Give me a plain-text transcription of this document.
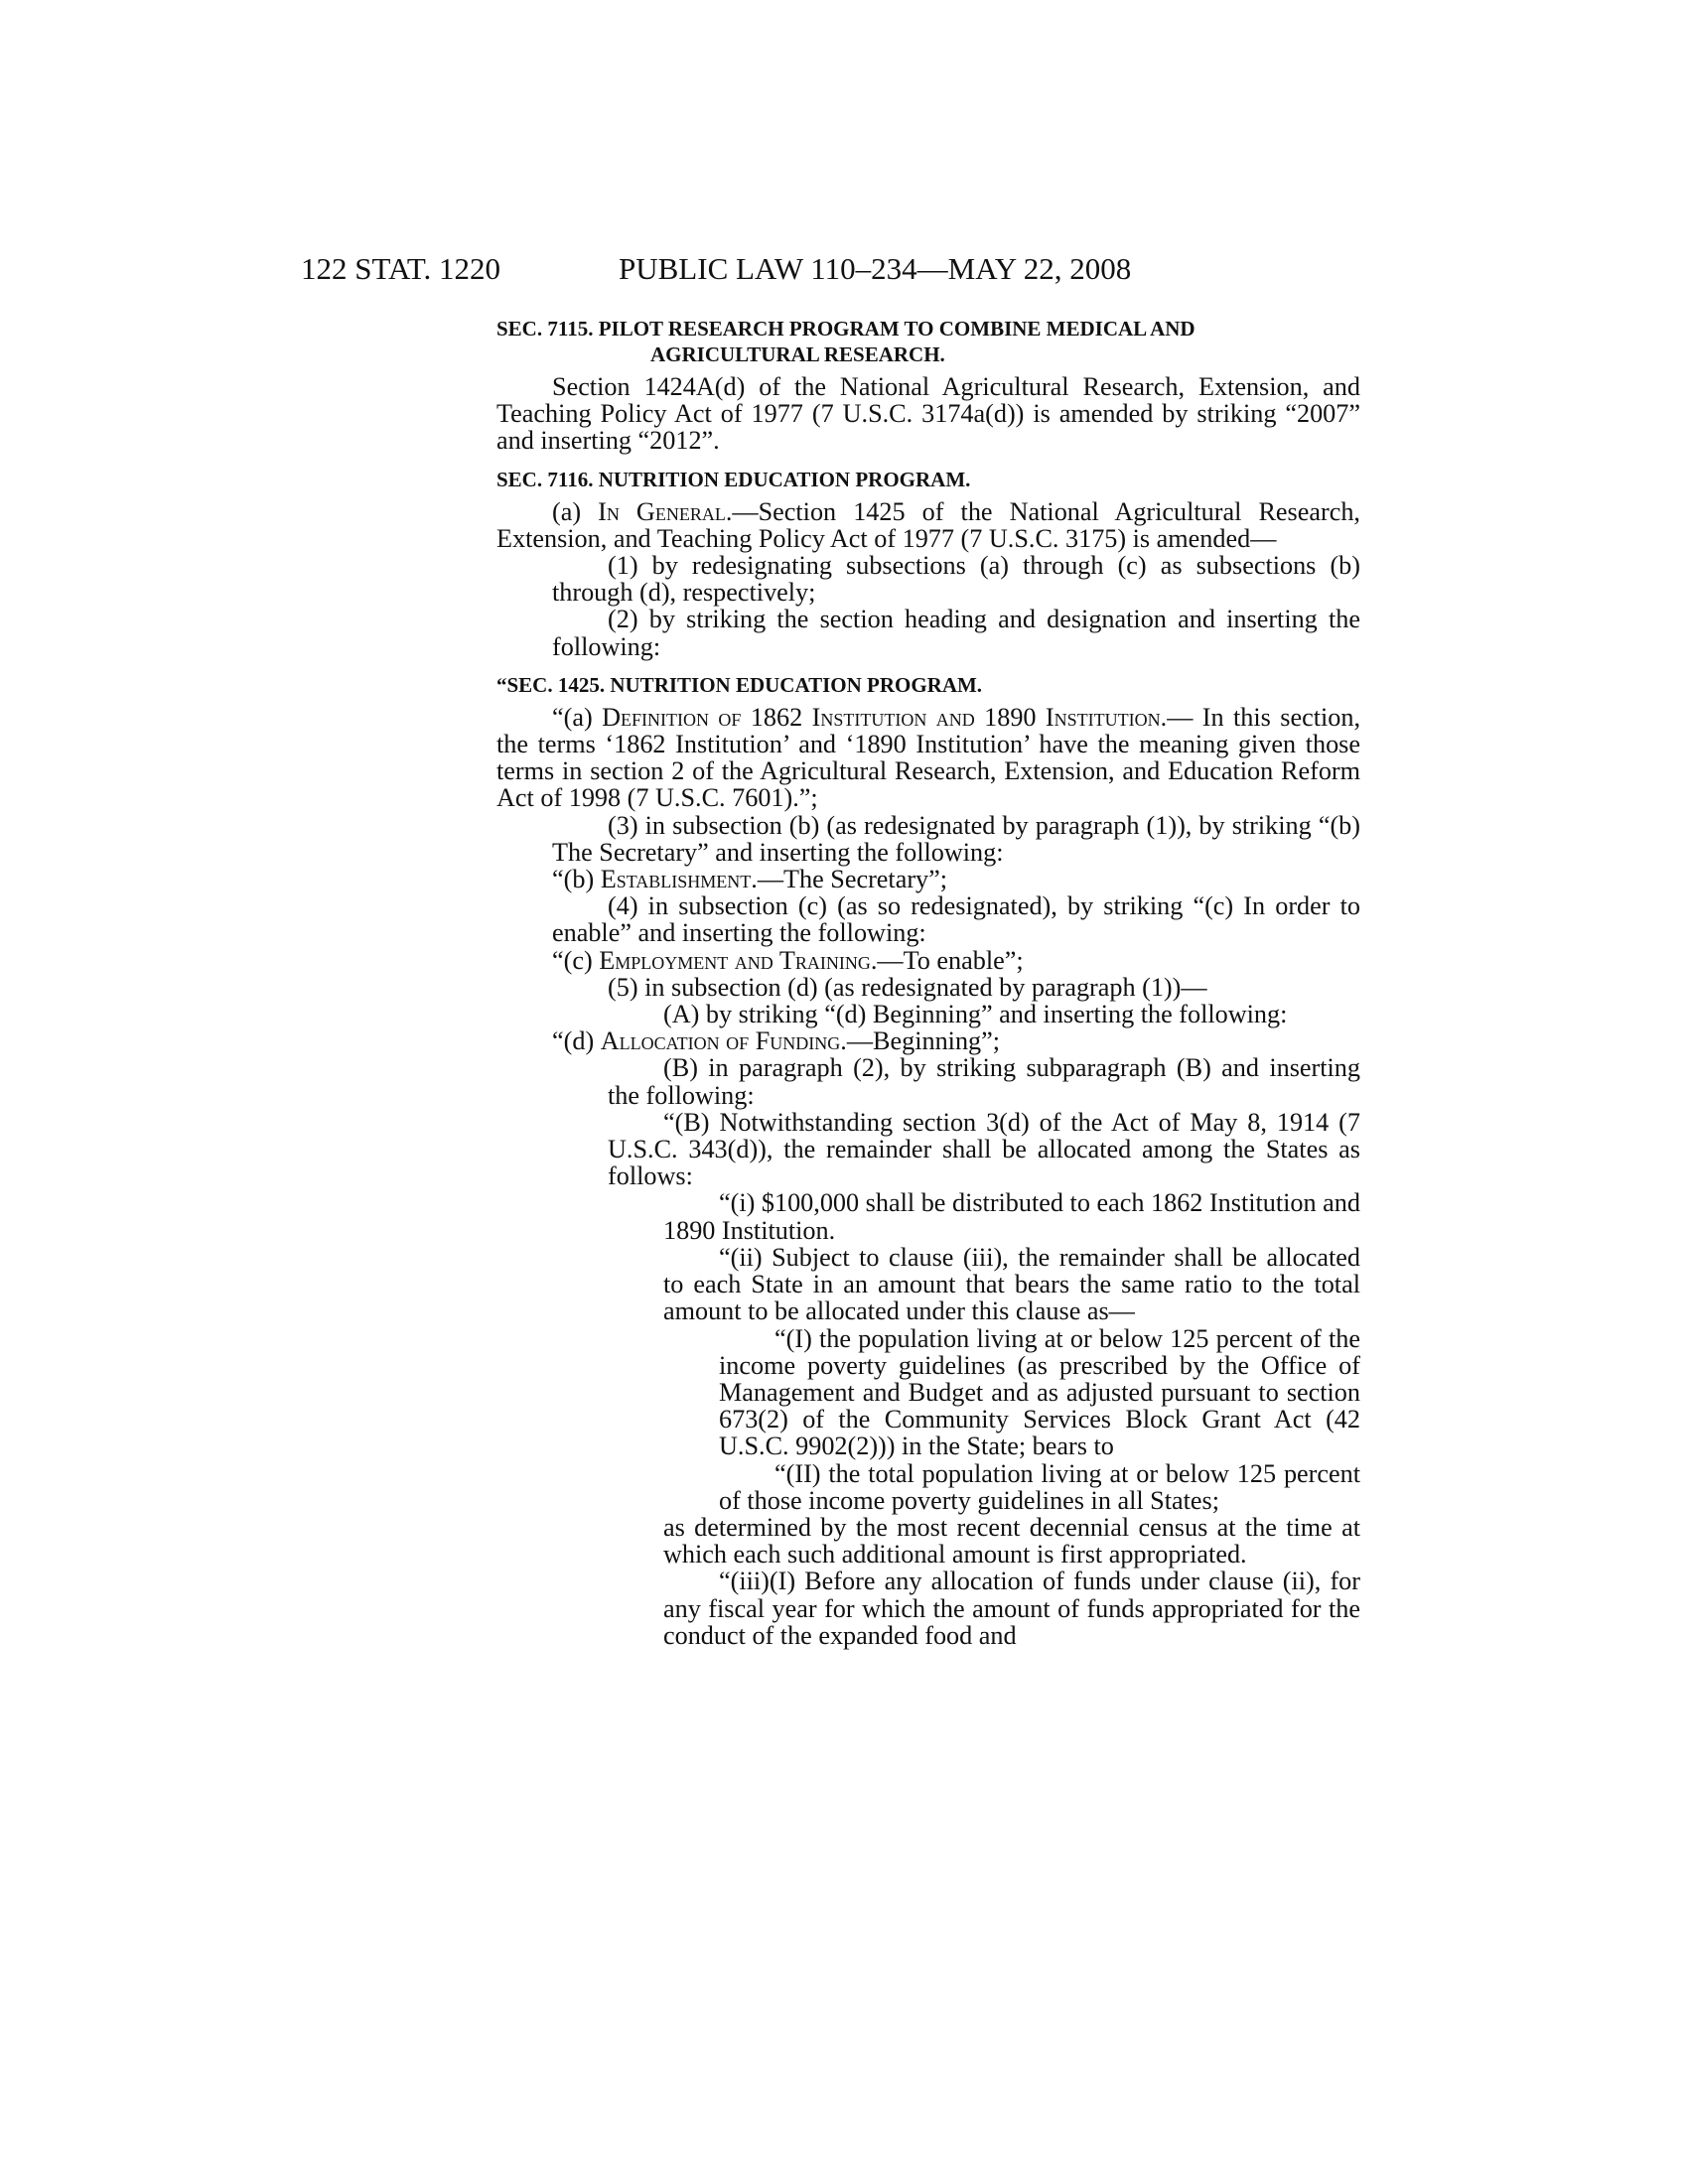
122 STAT. 1220	PUBLIC LAW 110–234—MAY 22, 2008

SEC. 7115. PILOT RESEARCH PROGRAM TO COMBINE MEDICAL AND AGRICULTURAL RESEARCH.

Section 1424A(d) of the National Agricultural Research, Extension, and Teaching Policy Act of 1977 (7 U.S.C. 3174a(d)) is amended by striking “2007” and inserting “2012”.

SEC. 7116. NUTRITION EDUCATION PROGRAM.

(a) In General.—Section 1425 of the National Agricultural Research, Extension, and Teaching Policy Act of 1977 (7 U.S.C. 3175) is amended—

(1) by redesignating subsections (a) through (c) as subsections (b) through (d), respectively;

(2) by striking the section heading and designation and inserting the following:

“SEC. 1425. NUTRITION EDUCATION PROGRAM.

“(a) Definition of 1862 Institution and 1890 Institution.— In this section, the terms ‘1862 Institution’ and ‘1890 Institution’ have the meaning given those terms in section 2 of the Agricultural Research, Extension, and Education Reform Act of 1998 (7 U.S.C. 7601).”;

(3) in subsection (b) (as redesignated by paragraph (1)), by striking “(b) The Secretary” and inserting the following:

“(b) Establishment.—The Secretary”;

(4) in subsection (c) (as so redesignated), by striking “(c) In order to enable” and inserting the following:

“(c) Employment and Training.—To enable”;

(5) in subsection (d) (as redesignated by paragraph (1))—

(A) by striking “(d) Beginning” and inserting the following:

“(d) Allocation of Funding.—Beginning”;

(B) in paragraph (2), by striking subparagraph (B) and inserting the following:

“(B) Notwithstanding section 3(d) of the Act of May 8, 1914 (7 U.S.C. 343(d)), the remainder shall be allocated among the States as follows:

“(i) $100,000 shall be distributed to each 1862 Institution and 1890 Institution.

“(ii) Subject to clause (iii), the remainder shall be allocated to each State in an amount that bears the same ratio to the total amount to be allocated under this clause as—

“(I) the population living at or below 125 percent of the income poverty guidelines (as prescribed by the Office of Management and Budget and as adjusted pursuant to section 673(2) of the Community Services Block Grant Act (42 U.S.C. 9902(2))) in the State; bears to

“(II) the total population living at or below 125 percent of those income poverty guidelines in all States;

as determined by the most recent decennial census at the time at which each such additional amount is first appropriated.

“(iii)(I) Before any allocation of funds under clause (ii), for any fiscal year for which the amount of funds appropriated for the conduct of the expanded food and
